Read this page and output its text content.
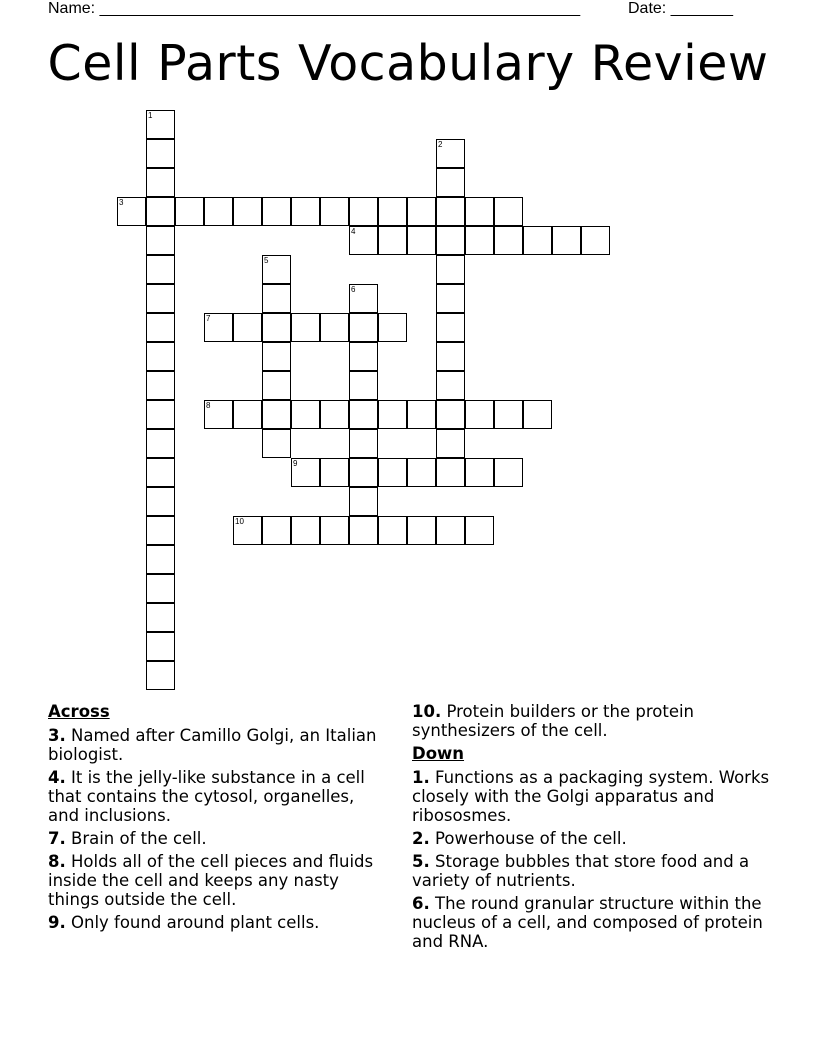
Name: ______________________________________________________	Date: _______
Cell Parts Vocabulary Review
1
2
3
4
5
6
7
8
9
10
Across
3. Named after Camillo Golgi, an Italian biologist.
4. It is the jelly-like substance in a cell that contains the cytosol, organelles, and inclusions.
7. Brain of the cell.
8. Holds all of the cell pieces and fluids inside the cell and keeps any nasty things outside the cell.
9. Only found around plant cells.
10. Protein builders or the protein synthesizers of the cell.
Down
1. Functions as a packaging system. Works closely with the Golgi apparatus and ribososmes.
2. Powerhouse of the cell.
5. Storage bubbles that store food and a variety of nutrients.
6. The round granular structure within the nucleus of a cell, and composed of protein and RNA.
